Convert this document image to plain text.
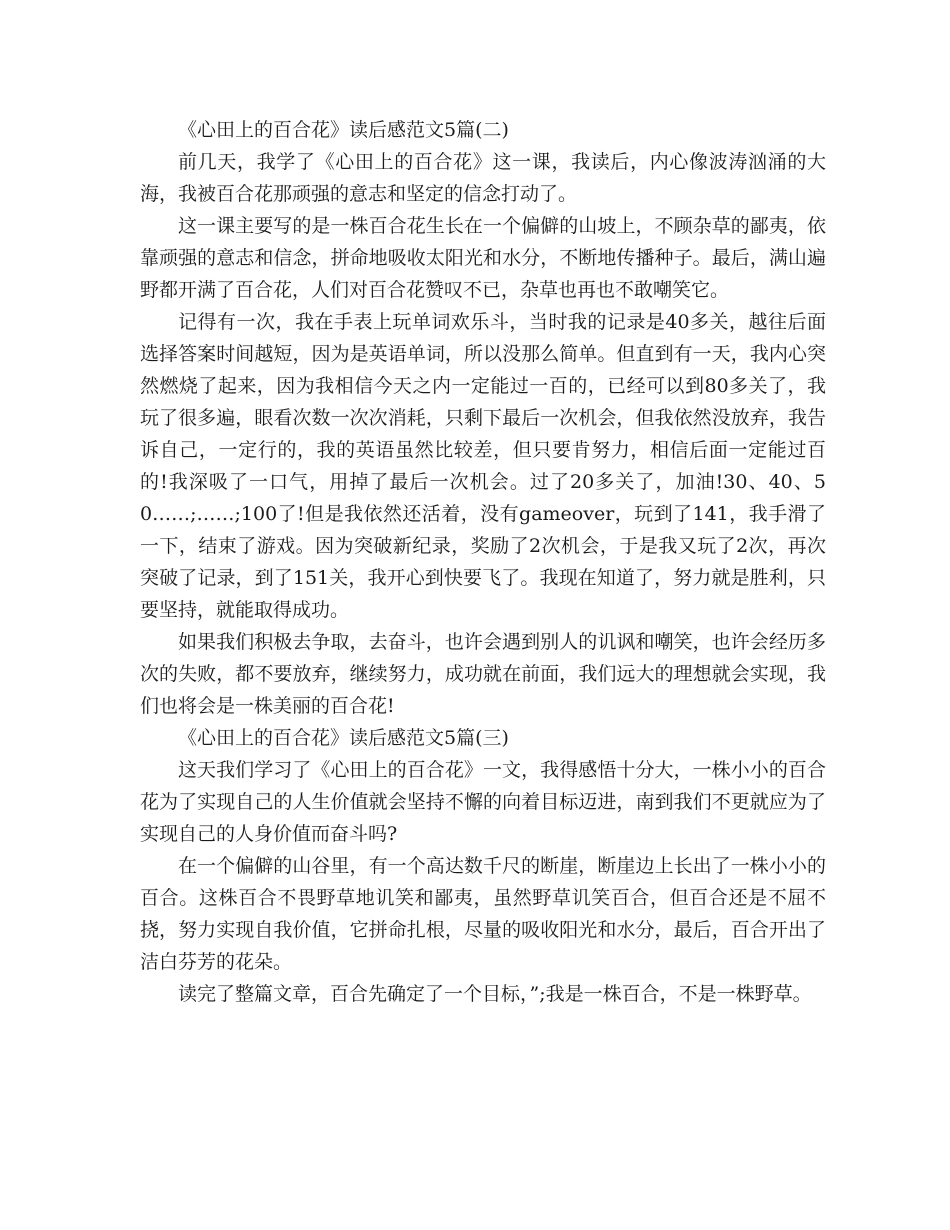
《心田上的百合花》读后感范文5篇(二)

前几天，我学了《心田上的百合花》这一课，我读后，内心像波涛汹涌的大海，我被百合花那顽强的意志和坚定的信念打动了。

这一课主要写的是一株百合花生长在一个偏僻的山坡上，不顾杂草的鄙夷，依靠顽强的意志和信念，拼命地吸收太阳光和水分，不断地传播种子。最后，满山遍野都开满了百合花，人们对百合花赞叹不已，杂草也再也不敢嘲笑它。

记得有一次，我在手表上玩单词欢乐斗，当时我的记录是40多关，越往后面选择答案时间越短，因为是英语单词，所以没那么简单。但直到有一天，我内心突然燃烧了起来，因为我相信今天之内一定能过一百的，已经可以到80多关了，我玩了很多遍，眼看次数一次次消耗，只剩下最后一次机会，但我依然没放弃，我告诉自己，一定行的，我的英语虽然比较差，但只要肯努力，相信后面一定能过百的!我深吸了一口气，用掉了最后一次机会。过了20多关了，加油!30、40、50……;……;100了!但是我依然还活着，没有gameover，玩到了141，我手滑了一下，结束了游戏。因为突破新纪录，奖励了2次机会，于是我又玩了2次，再次突破了记录，到了151关，我开心到快要飞了。我现在知道了，努力就是胜利，只要坚持，就能取得成功。

如果我们积极去争取，去奋斗，也许会遇到别人的讥讽和嘲笑，也许会经历多次的失败，都不要放弃，继续努力，成功就在前面，我们远大的理想就会实现，我们也将会是一株美丽的百合花!

《心田上的百合花》读后感范文5篇(三)

这天我们学习了《心田上的百合花》一文，我得感悟十分大，一株小小的百合花为了实现自己的人生价值就会坚持不懈的向着目标迈进，南到我们不更就应为了实现自己的人身价值而奋斗吗?

在一个偏僻的山谷里，有一个高达数千尺的断崖，断崖边上长出了一株小小的百合。这株百合不畏野草地讥笑和鄙夷，虽然野草讥笑百合，但百合还是不屈不挠，努力实现自我价值，它拼命扎根，尽量的吸收阳光和水分，最后，百合开出了洁白芬芳的花朵。

读完了整篇文章，百合先确定了一个目标，”;我是一株百合，不是一株野草。
